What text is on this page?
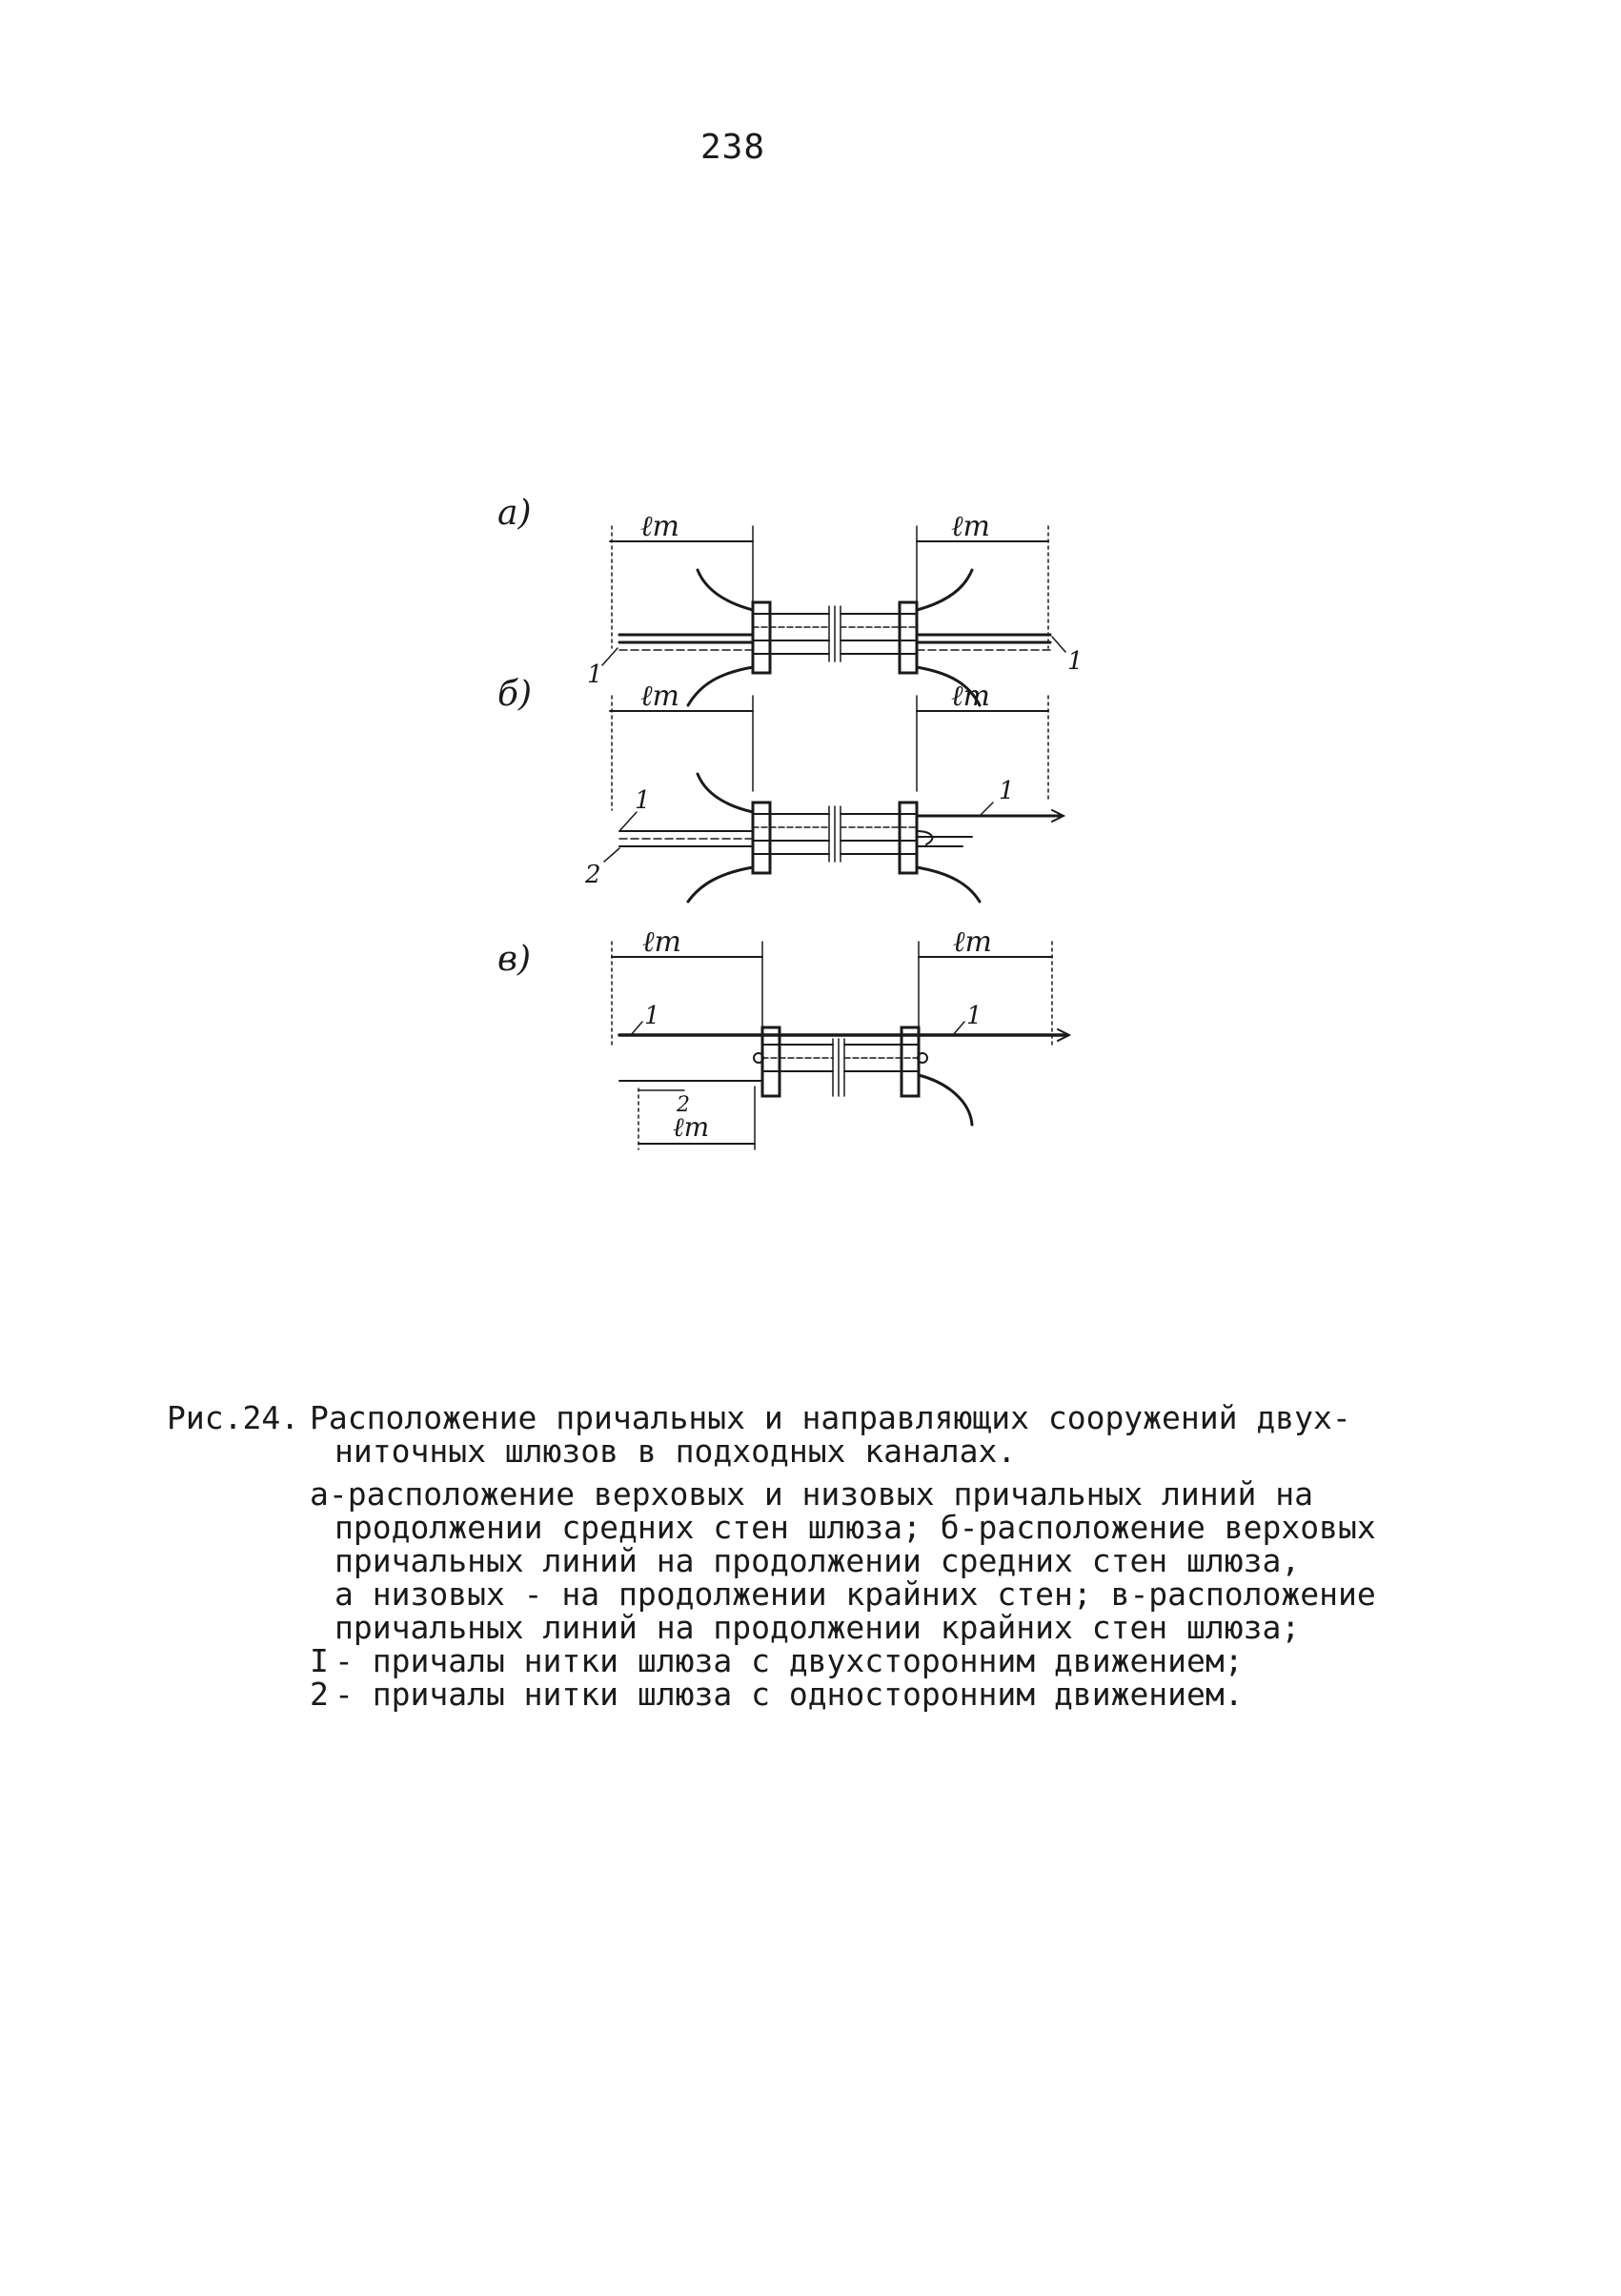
238
а)	ℓm	ℓm
1	1
б)	ℓm	ℓm
1	1
2
в)	ℓm	ℓm
1	1
2
ℓm
Рис.24. Расположение причальных и направляющих сооружений двух-
ниточных шлюзов в подходных каналах.
а-расположение верховых и низовых причальных линий на
продолжении средних стен шлюза; б-расположение верховых
причальных линий на продолжении средних стен шлюза,
а низовых - на продолжении крайних стен; в-расположение
причальных линий на продолжении крайних стен шлюза;
I - причалы нитки шлюза с двухсторонним движением;
2 - причалы нитки шлюза с односторонним движением.
